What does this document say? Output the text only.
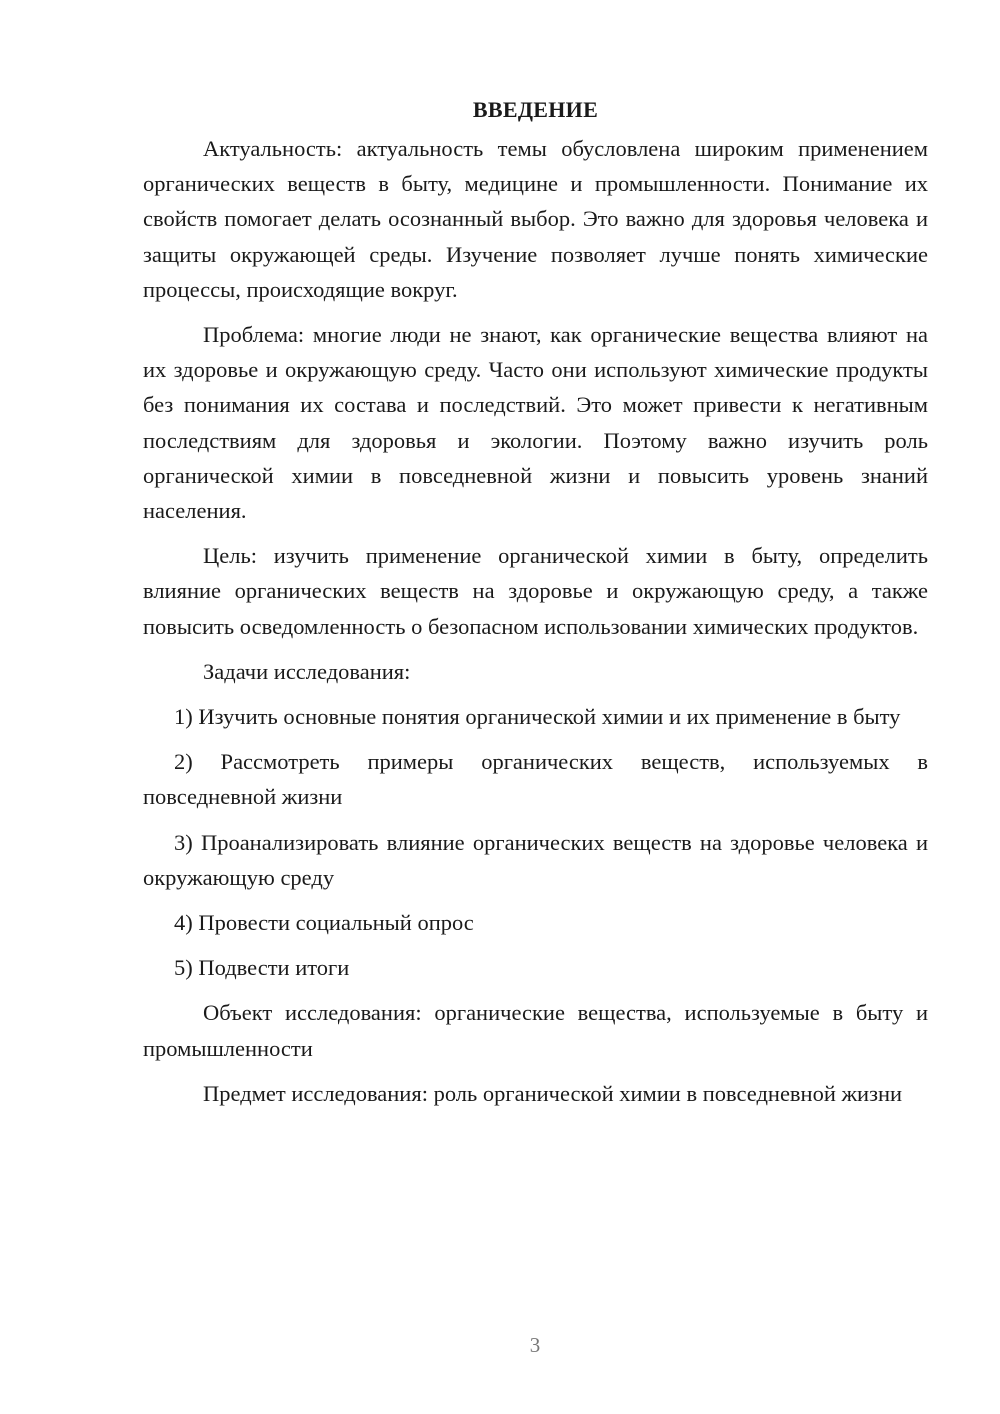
ВВЕДЕНИЕ

Актуальность: актуальность темы обусловлена широким применением органических веществ в быту, медицине и промышленности. Понимание их свойств помогает делать осознанный выбор. Это важно для здоровья человека и защиты окружающей среды. Изучение позволяет лучше понять химические процессы, происходящие вокруг.

Проблема: многие люди не знают, как органические вещества влияют на их здоровье и окружающую среду. Часто они используют химические продукты без понимания их состава и последствий. Это может привести к негативным последствиям для здоровья и экологии. Поэтому важно изучить роль органической химии в повседневной жизни и повысить уровень знаний населения.

Цель: изучить применение органической химии в быту, определить влияние органических веществ на здоровье и окружающую среду, а также повысить осведомленность о безопасном использовании химических продуктов.

Задачи исследования:

1) Изучить основные понятия органической химии и их применение в быту

2) Рассмотреть примеры органических веществ, используемых в повседневной жизни

3) Проанализировать влияние органических веществ на здоровье человека и окружающую среду

4) Провести социальный опрос

5) Подвести итоги

Объект исследования: органические вещества, используемые в быту и промышленности

Предмет исследования: роль органической химии в повседневной жизни

3
